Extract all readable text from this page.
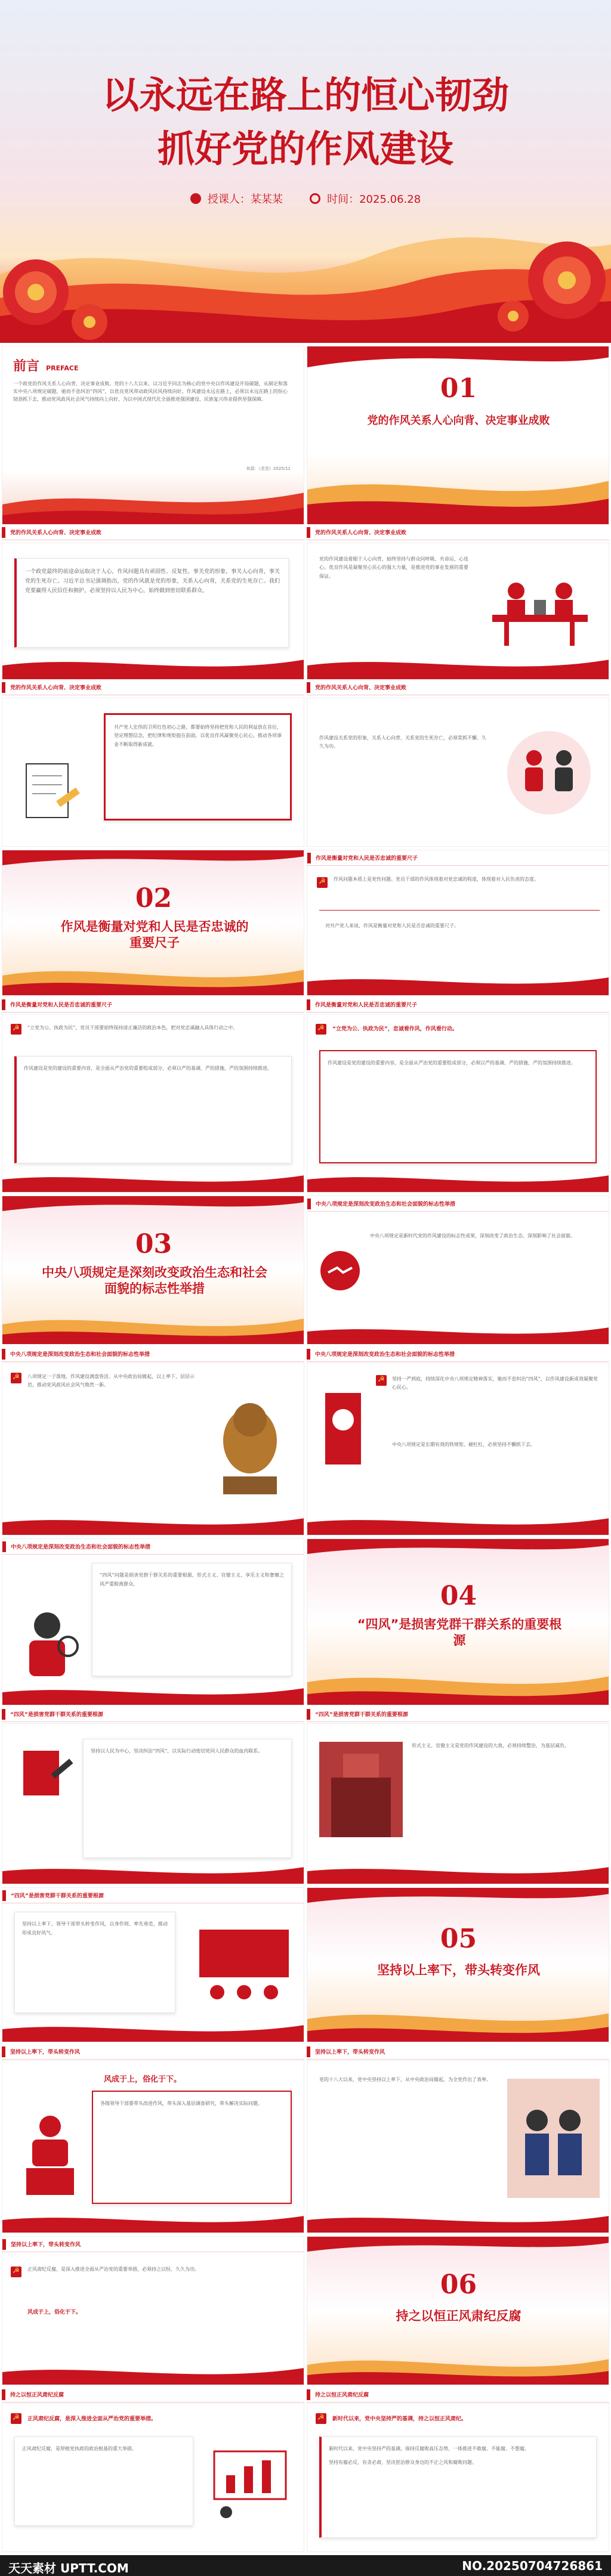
以永远在路上的恒心韧劲
抓好党的作风建设
授课人：某某某	时间：2025.06.28
前言 PREFACE
一个政党的作风关系人心向背、决定事业成败。党的十八大以来，以习近平同志为核心的党中央以作风建设开局破题，从制定和落实中央八项规定破题，驰而不息纠治“四风”，以优良党风带动政风民风持续向好。作风建设永远在路上，必须以永远在路上的恒心韧劲抓下去，推动党风政风社会风气持续向上向好，为以中国式现代化全面推进强国建设、民族复兴伟业提供坚强保障。
来源：《求是》2025/11
01
党的作风关系人心向背、决定事业成败
党的作风关系人心向背、决定事业成败	党的作风关系人心向背、决定事业成败
一个政党最终的前途命运取决于人心，作风问题具有顽固性、反复性，事关党的形象，事关人心向背，事关党的生死存亡。习近平总书记强调指出，党的作风就是党的形象，关系人心向背，关系党的生死存亡。我们党要赢得人民信任和拥护，必须坚持以人民为中心，始终做到密切联系群众。
党的作风建设着眼于人心向背，始终坚持与群众同呼吸、共命运、心连心。优良作风是凝聚党心民心的强大力量，是推进党的事业发展的重要保证。
党的作风关系人心向背、决定事业成败	党的作风关系人心向背、决定事业成败
共产党人宏伟的卫所红色初心之路，都要始终坚持把党和人民的利益放在首位，坚定理想信念，把纪律和规矩挺在前面，以优良作风凝聚党心民心，推动各项事业不断取得新成就。
作风建设关系党的形象，关系人心向背，关系党的生死存亡，必须常抓不懈、久久为功。
02
作风是衡量对党和人民是否忠诚的重要尺子
作风是衡量对党和人民是否忠诚的重要尺子
☭
作风问题本质上是党性问题。党员干部的作风体现着对党忠诚的程度，体现着对人民负责的态度。
对共产党人来说，作风是衡量对党和人民是否忠诚的重要尺子。
作风是衡量对党和人民是否忠诚的重要尺子	作风是衡量对党和人民是否忠诚的重要尺子
☭
“立党为公、执政为民”，党员干部要始终保持清正廉洁的政治本色，把对党忠诚融入具体行动之中。
作风建设是党的建设的重要内容，是全面从严治党的重要组成部分，必须以严的基调、严的措施、严的氛围持续推进。
☭
“立党为公、执政为民”，忠诚看作风，作风看行动。
作风建设是党的建设的重要内容，是全面从严治党的重要组成部分，必须以严的基调、严的措施、严的氛围持续推进。
03
中央八项规定是深刻改变政治生态和社会面貌的标志性举措
中央八项规定是深刻改变政治生态和社会面貌的标志性举措
中央八项规定是新时代党的作风建设的标志性成果，深刻改变了政治生态，深刻影响了社会面貌。
中央八项规定是深刻改变政治生态和社会面貌的标志性举措	中央八项规定是深刻改变政治生态和社会面貌的标志性举措
☭
八项规定一子落地，作风建设满盘皆活。从中央政治局做起，以上率下，层层示范，推动党风政风社会风气焕然一新。
☭
坚持一严到底，持续深化中央八项规定精神落实，驰而不息纠治“四风”，以作风建设新成效凝聚党心民心。
中央八项规定是长期有效的铁规矩、硬杠杠，必须坚持不懈抓下去。
中央八项规定是深刻改变政治生态和社会面貌的标志性举措
“四风”问题是损害党群干群关系的重要根源，形式主义、官僚主义、享乐主义和奢靡之风严重脱离群众。	04
“四风”是损害党群干群关系的重要根源
“四风”是损害党群干群关系的重要根源	“四风”是损害党群干群关系的重要根源
坚持以人民为中心，坚决纠治“四风”，以实际行动密切党同人民群众的血肉联系。
形式主义、官僚主义是党的作风建设的大敌，必须持续整治，为基层减负。
“四风”是损害党群干群关系的重要根源
坚持以上率下，领导干部带头转变作风，以身作则、率先垂范，推动形成良好风气。	05
坚持以上率下，带头转变作风
坚持以上率下，带头转变作风	坚持以上率下，带头转变作风
风成于上，俗化于下。
各级领导干部要带头改进作风，带头深入基层调查研究，带头解决实际问题。
党的十八大以来，党中央坚持以上率下，从中央政治局做起，为全党作出了表率。
坚持以上率下，带头转变作风
☭
正风肃纪反腐，是深入推进全面从严治党的重要举措，必须持之以恒、久久为功。
风成于上，俗化于下。
06
持之以恒正风肃纪反腐
持之以恒正风肃纪反腐	持之以恒正风肃纪反腐
☭
正风肃纪反腐，是深入推进全面从严治党的重要举措。
正风肃纪反腐，是厚植党执政的政治根基的重大举措。
☭
新时代以来，党中央坚持严的基调，持之以恒正风肃纪。
新时代以来，党中央坚持严的基调，保持反腐败高压态势，一体推进不敢腐、不能腐、不想腐。
坚持有腐必反、有贪必肃，坚决惩治群众身边的不正之风和腐败问题。
天天素材 UPTT.COM	NO.20250704726861
